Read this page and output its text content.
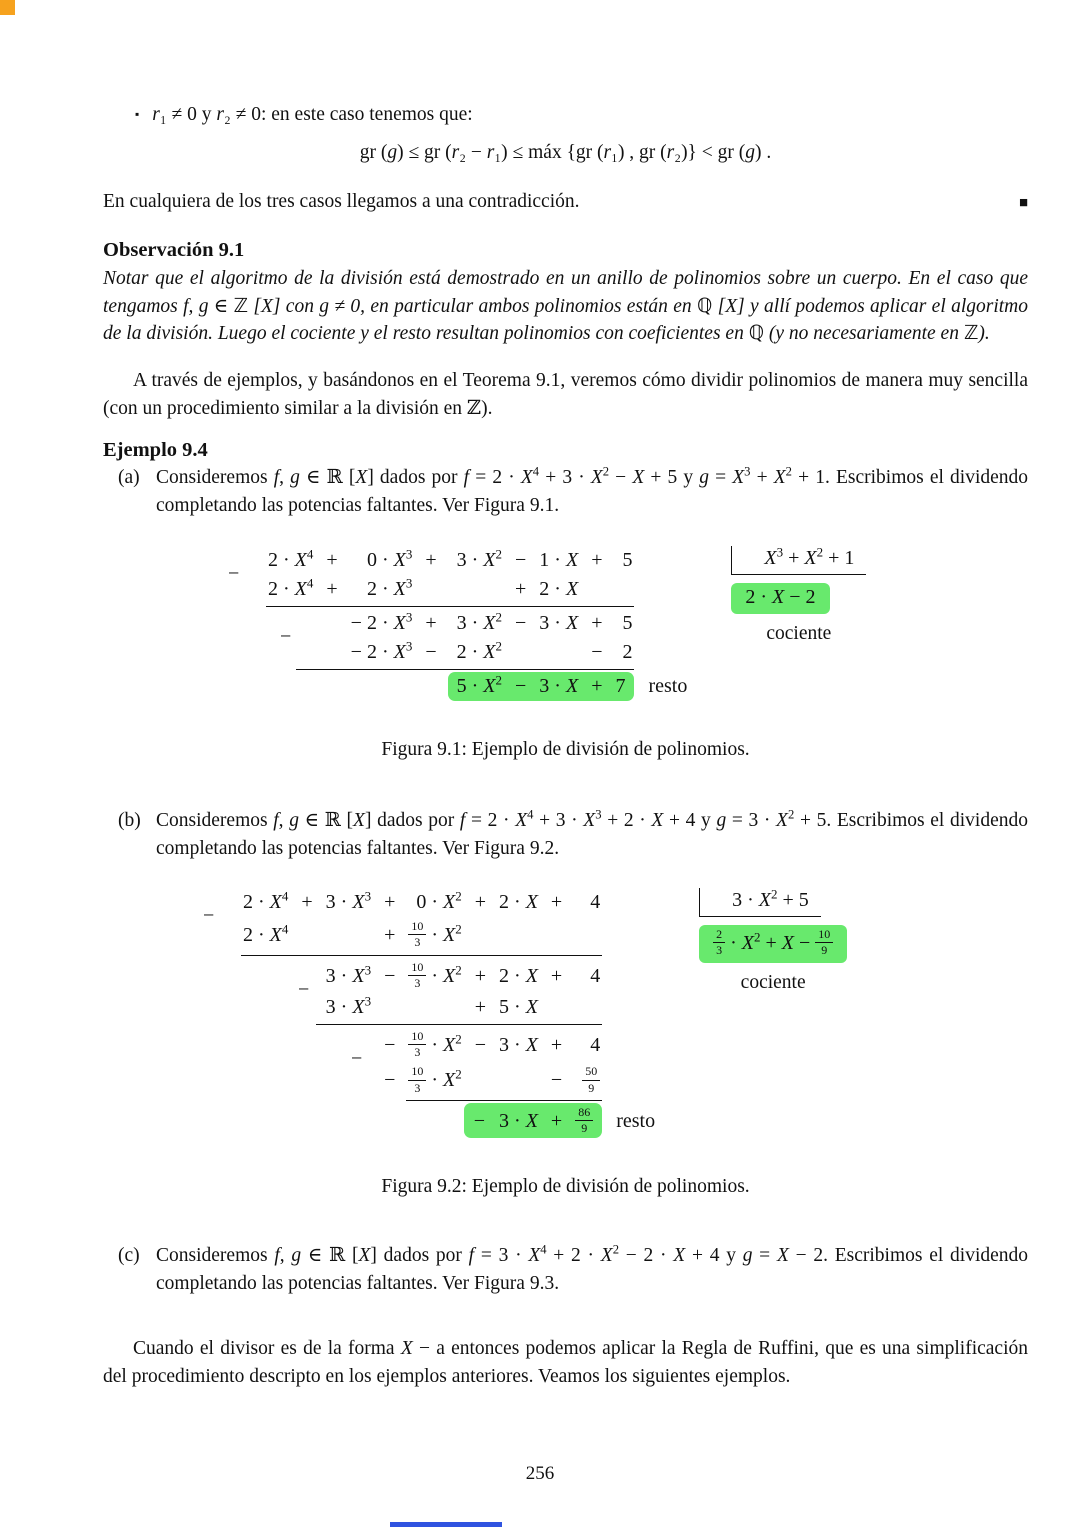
▪ r₁ ≠ 0 y r₂ ≠ 0: en este caso tenemos que:
gr (g) ≤ gr (r₂ − r₁) ≤ máx {gr (r₁) , gr (r₂)} < gr (g) .
En cualquiera de los tres casos llegamos a una contradicción.	■
Observación 9.1
Notar que el algoritmo de la división está demostrado en un anillo de polinomios sobre un cuerpo. En el caso que tengamos f, g ∈ ℤ [X] con g ≠ 0, en particular ambos polinomios están en ℚ [X] y allí podemos aplicar el algoritmo de la división. Luego el cociente y el resto resultan polinomios con coeficientes en ℚ (y no necesariamente en ℤ).

A través de ejemplos, y basándonos en el Teorema 9.1, veremos cómo dividir polinomios de manera muy sencilla (con un procedimiento similar a la división en ℤ).

Ejemplo 9.4
(a) Consideremos f, g ∈ ℝ [X] dados por $f = 2 \cdot X^4 + 3 \cdot X^2 - X + 5$ y $g = X^3 + X^2 + 1$. Escribimos el dividendo completando las potencias faltantes. Ver Figura 9.1.
−	​2 · $X^4$	​+	​0 · $X^3$	​+	​3 · $X^2$	​−	​1 · X	​+	​5	
	​2 · $X^4$	​+	​2 · $X^3$			​+	​2 · X			

−			​− $2 \cdot X^3$	​+	​3 · $X^2$	​−	​3 · X	​+	​5	
			​− $2 \cdot X^3$	​−	​2 · $X^2$			​−	​2	

					​5 · $X^2$	​−	​3 · X	​+	​7	resto
$X^3 + X^2 + 1$
2 · X − 2
cociente
Figura 9.1: Ejemplo de división de polinomios.
(b) Consideremos f, g ∈ ℝ [X] dados por $f = 2 \cdot X^4 + 3 \cdot X^3 + 2 \cdot X + 4$ y $g = 3 \cdot X^2 + 5$. Escribimos el dividendo completando las potencias faltantes. Ver Figura 9.2.
−	​2 · $X^4$	​+	​3 · $X^3$	​+	​0 · $X^2$	​+	​2 · X	​+	​4	
	​2 · $X^4$			​+	$\frac{10}{3} \cdot X^2$					

−			​3 · $X^3$	​−	$\frac{10}{3} \cdot X^2$	​+	​2 · X	​+	​4	
			​3 · $X^3$			​+	​5 · X			

−				​−	$\frac{10}{3} \cdot X^2$	​−	​3 · X	​+	​4	
				​−	$\frac{10}{3} \cdot X^2$			​−	$\frac{50}{9}$

						​−	​3 · X	​+	$\frac{86}{9}$	resto
$3 \cdot X^2 + 5$
$\frac{2}{3} \cdot X^2 + X - \frac{10}{9}$
cociente
Figura 9.2: Ejemplo de división de polinomios.
(c) Consideremos f, g ∈ ℝ [X] dados por $f = 3 \cdot X^4 + 2 \cdot X^2 - 2 \cdot X + 4$ y g = X − 2. Escribimos el dividendo completando las potencias faltantes. Ver Figura 9.3.

Cuando el divisor es de la forma X − a entonces podemos aplicar la Regla de Ruffini, que es una simplificación del procedimiento descripto en los ejemplos anteriores. Veamos los siguientes ejemplos.

256
